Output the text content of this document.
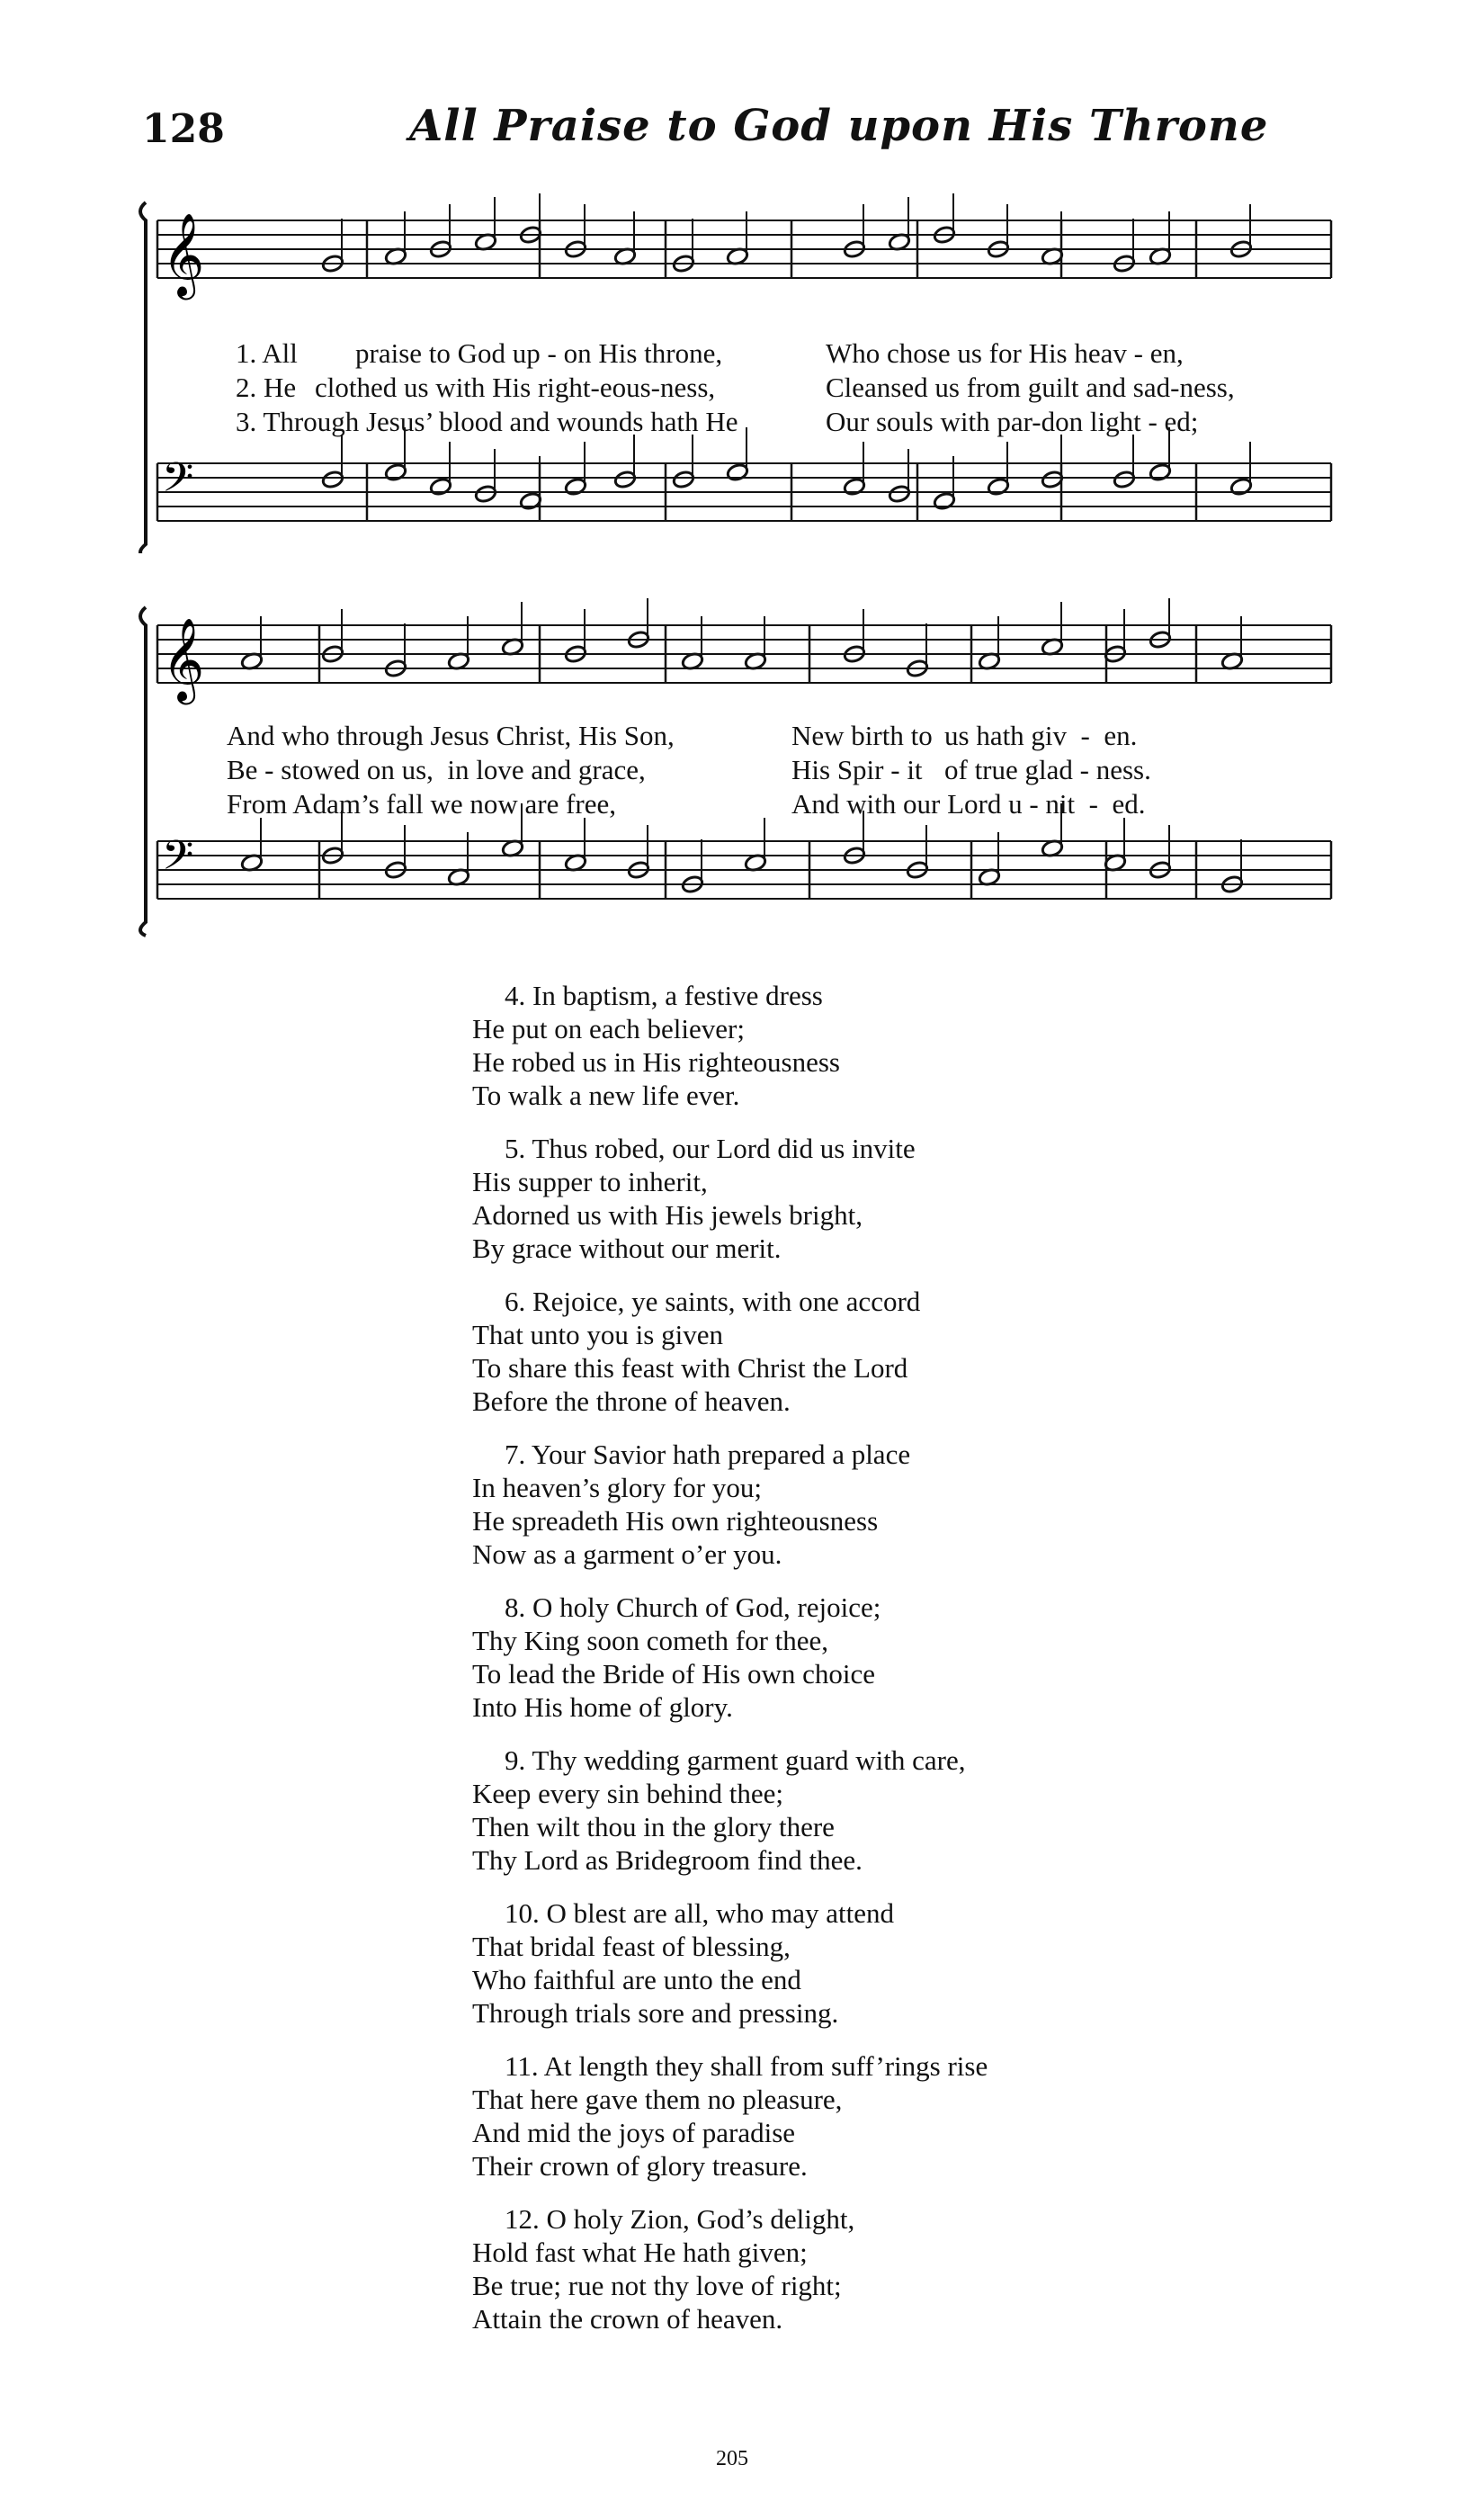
128	All Praise to God upon His Throne
𝄞
𝄢
1. All praise to God up - on His throne,	Who chose us for His heav - en,
2. He clothed us with His right-eous-ness,	Cleansed us from guilt and sad-ness,
3. Through Jesus’ blood and wounds hath He	Our souls with par-don light - ed;
𝄞
𝄢
And who through Jesus Christ, His Son,	New birth to us hath giv  -  en.
Be - stowed on us,  in love and grace,	His Spir - it of true glad - ness.
From Adam’s fall we now are free,	And with our Lord u - nit  -  ed.
4. In baptism, a festive dress
He put on each believer;
He robed us in His righteousness
To walk a new life ever.
5. Thus robed, our Lord did us invite
His supper to inherit,
Adorned us with His jewels bright,
By grace without our merit.
6. Rejoice, ye saints, with one accord
That unto you is given
To share this feast with Christ the Lord
Before the throne of heaven.
7. Your Savior hath prepared a place
In heaven’s glory for you;
He spreadeth His own righteousness
Now as a garment o’er you.
8. O holy Church of God, rejoice;
Thy King soon cometh for thee,
To lead the Bride of His own choice
Into His home of glory.
9. Thy wedding garment guard with care,
Keep every sin behind thee;
Then wilt thou in the glory there
Thy Lord as Bridegroom find thee.
10. O blest are all, who may attend
That bridal feast of blessing,
Who faithful are unto the end
Through trials sore and pressing.
11. At length they shall from suff’rings rise
That here gave them no pleasure,
And mid the joys of paradise
Their crown of glory treasure.
12. O holy Zion, God’s delight,
Hold fast what He hath given;
Be true; rue not thy love of right;
Attain the crown of heaven.
205
